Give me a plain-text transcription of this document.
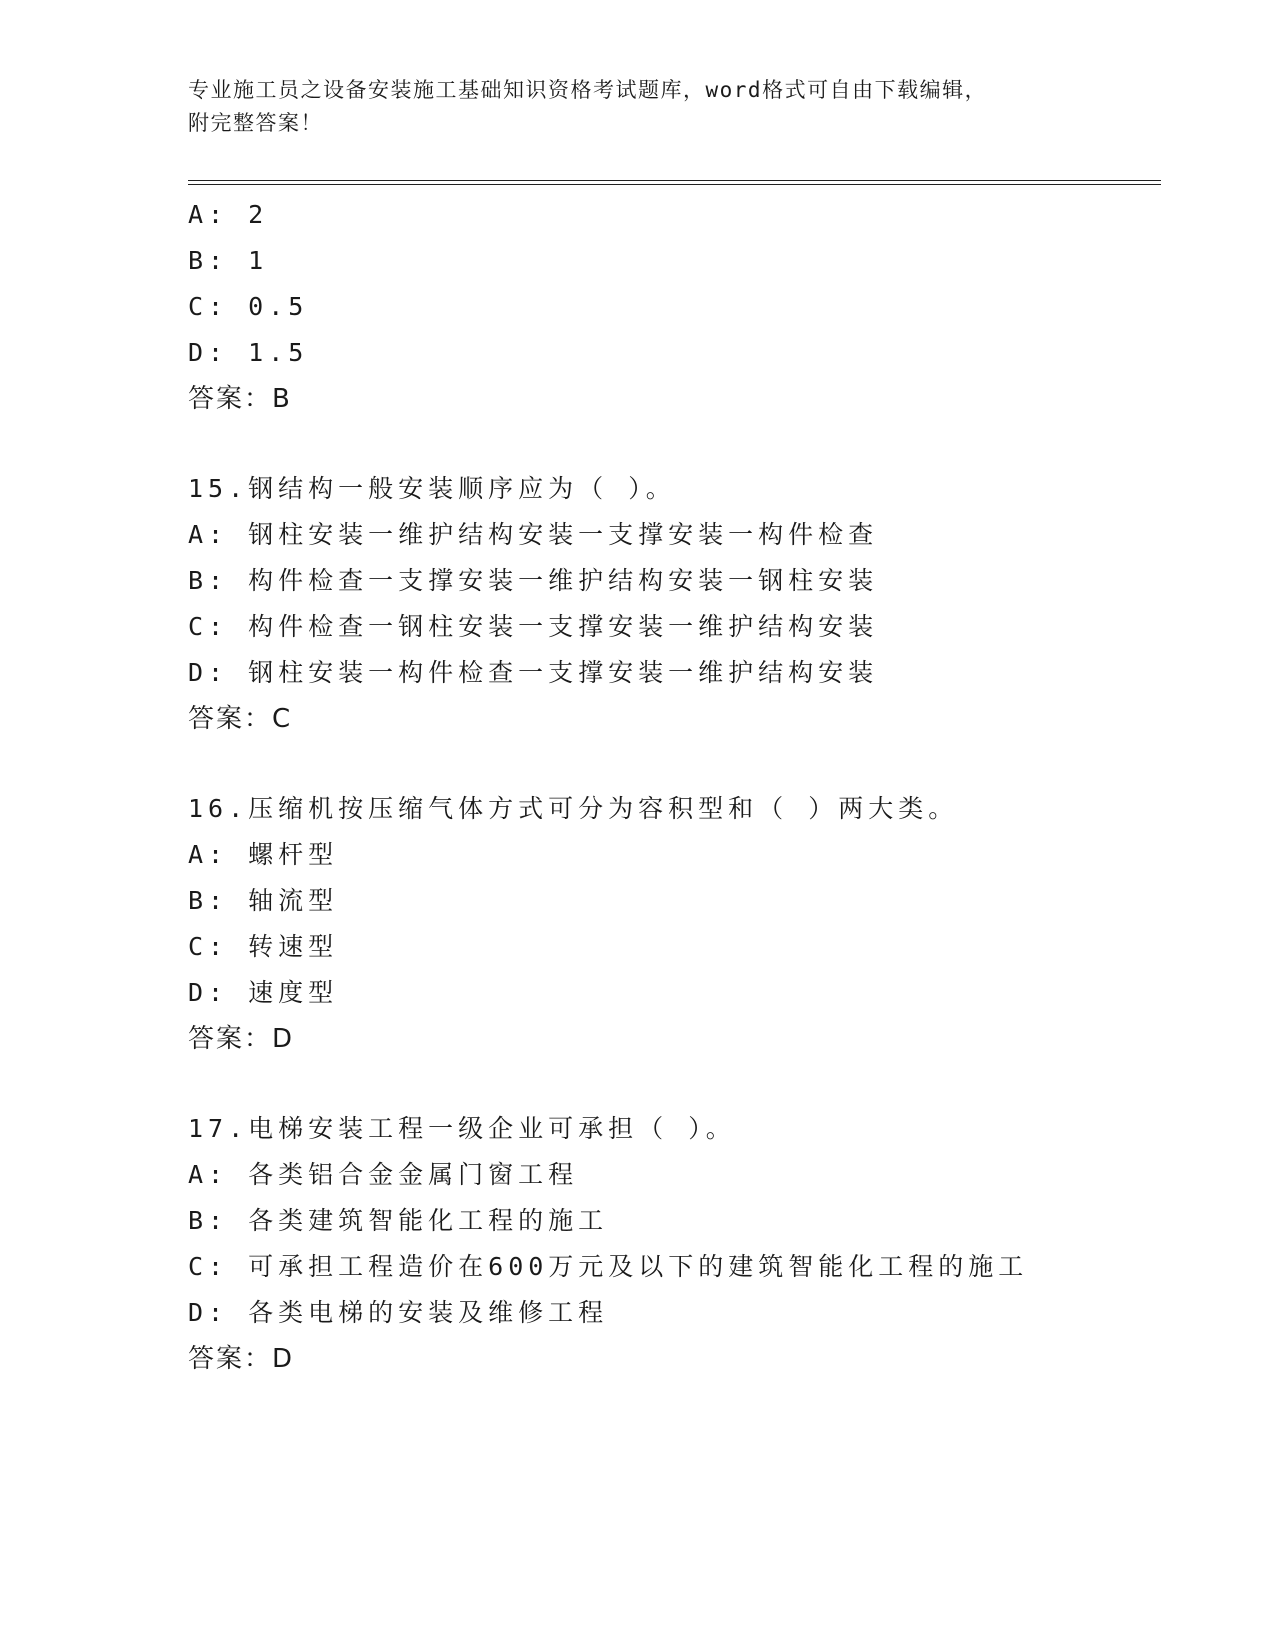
专业施工员之设备安装施工基础知识资格考试题库，word格式可自由下载编辑，
附完整答案！
A: 2
B: 1
C: 0.5
D: 1.5
答案：B
15.钢结构一般安装顺序应为（ ）。
A: 钢柱安装一维护结构安装一支撑安装一构件检查
B: 构件检查一支撑安装一维护结构安装一钢柱安装
C: 构件检查一钢柱安装一支撑安装一维护结构安装
D: 钢柱安装一构件检查一支撑安装一维护结构安装
答案：C
16.压缩机按压缩气体方式可分为容积型和（ ）两大类。
A: 螺杆型
B: 轴流型
C: 转速型
D: 速度型
答案：D
17.电梯安装工程一级企业可承担（ ）。
A: 各类铝合金金属门窗工程
B: 各类建筑智能化工程的施工
C: 可承担工程造价在600万元及以下的建筑智能化工程的施工
D: 各类电梯的安装及维修工程
答案：D
